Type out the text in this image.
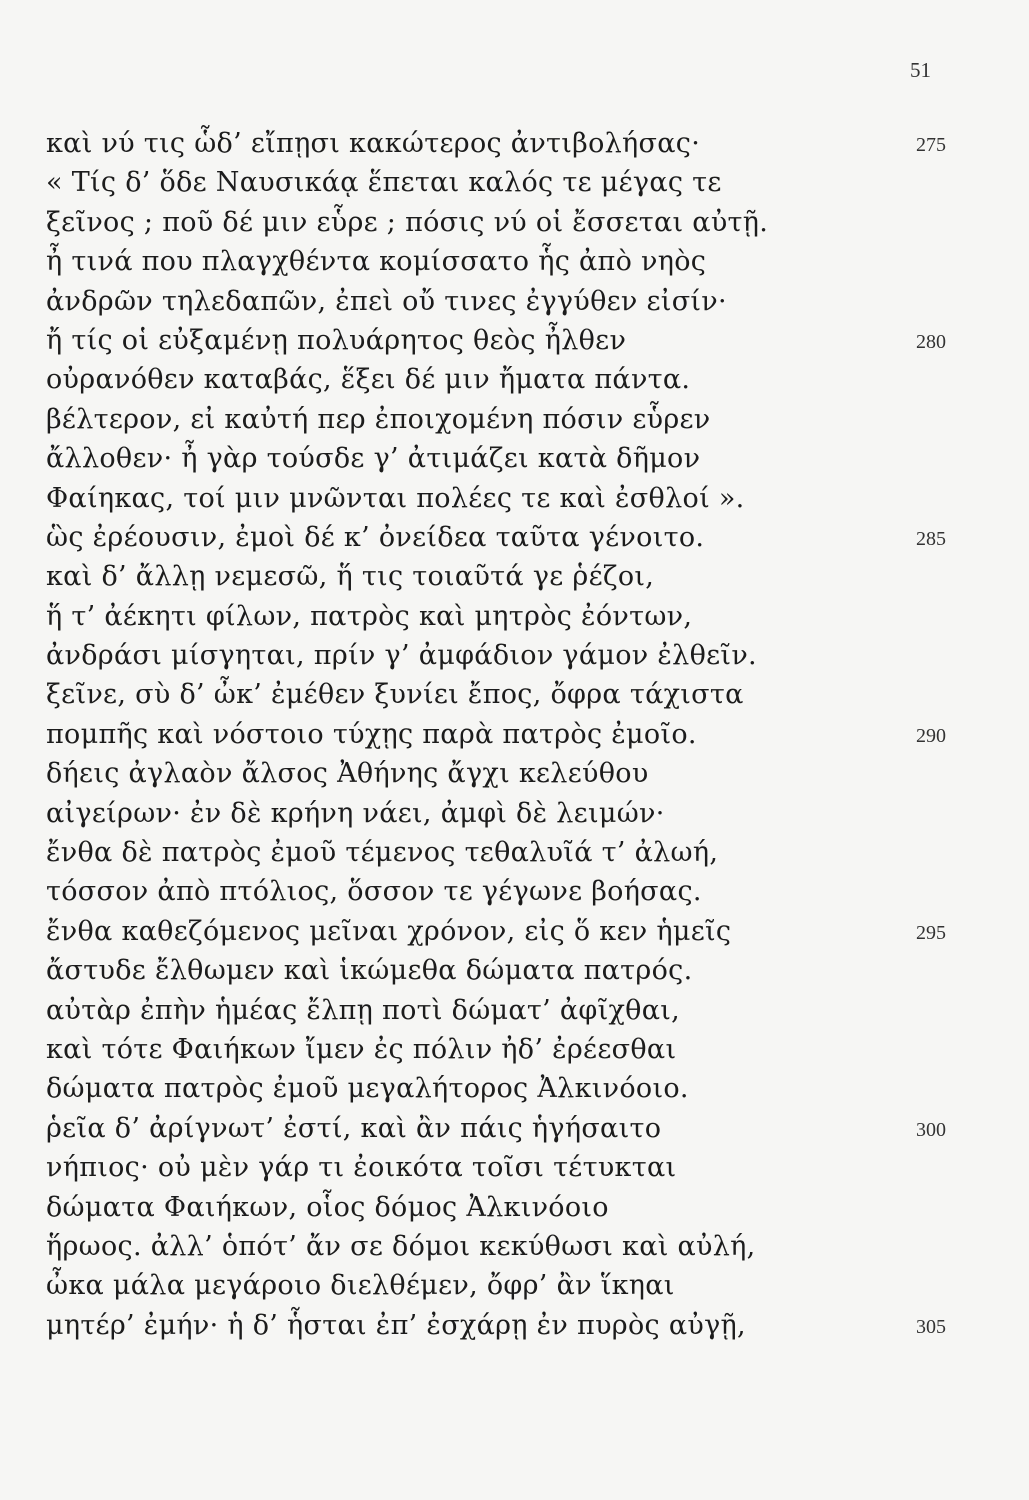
51
καὶ νύ τις ὧδ’ εἴπῃσι κακώτερος ἀντιβολήσας·	275
« Τίς δ’ ὅδε Ναυσικάᾳ ἕπεται καλός τε μέγας τε
ξεῖνος ; ποῦ δέ μιν εὗρε ; πόσις νύ οἱ ἔσσεται αὐτῇ.
ἦ τινά που πλαγχθέντα κομίσσατο ἧς ἀπὸ νηὸς
ἀνδρῶν τηλεδαπῶν, ἐπεὶ οὔ τινες ἐγγύθεν εἰσίν·
ἤ τίς οἱ εὐξαμένῃ πολυάρητος θεὸς ἦλθεν	280
οὐρανόθεν καταβάς, ἕξει δέ μιν ἤματα πάντα.
βέλτερον, εἰ καὐτή περ ἐποιχομένη πόσιν εὗρεν
ἄλλοθεν· ἦ γὰρ τούσδε γ’ ἀτιμάζει κατὰ δῆμον
Φαίηκας, τοί μιν μνῶνται πολέες τε καὶ ἐσθλοί ».
ὣς ἐρέουσιν, ἐμοὶ δέ κ’ ὀνείδεα ταῦτα γένοιτο.	285
καὶ δ’ ἄλλῃ νεμεσῶ, ἥ τις τοιαῦτά γε ῥέζοι,
ἥ τ’ ἀέκητι φίλων, πατρὸς καὶ μητρὸς ἐόντων,
ἀνδράσι μίσγηται, πρίν γ’ ἀμφάδιον γάμον ἐλθεῖν.
ξεῖνε, σὺ δ’ ὦκ’ ἐμέθεν ξυνίει ἔπος, ὄφρα τάχιστα
πομπῆς καὶ νόστοιο τύχῃς παρὰ πατρὸς ἐμοῖο.	290
δήεις ἀγλαὸν ἄλσος Ἀθήνης ἄγχι κελεύθου
αἰγείρων· ἐν δὲ κρήνη νάει, ἀμφὶ δὲ λειμών·
ἔνθα δὲ πατρὸς ἐμοῦ τέμενος τεθαλυῖά τ’ ἀλωή,
τόσσον ἀπὸ πτόλιος, ὅσσον τε γέγωνε βοήσας.
ἔνθα καθεζόμενος μεῖναι χρόνον, εἰς ὅ κεν ἡμεῖς	295
ἄστυδε ἔλθωμεν καὶ ἱκώμεθα δώματα πατρός.
αὐτὰρ ἐπὴν ἡμέας ἔλπῃ ποτὶ δώματ’ ἀφῖχθαι,
καὶ τότε Φαιήκων ἴμεν ἐς πόλιν ἠδ’ ἐρέεσθαι
δώματα πατρὸς ἐμοῦ μεγαλήτορος Ἀλκινόοιο.
ῥεῖα δ’ ἀρίγνωτ’ ἐστί, καὶ ἂν πάις ἡγήσαιτο	300
νήπιος· οὐ μὲν γάρ τι ἐοικότα τοῖσι τέτυκται
δώματα Φαιήκων, οἷος δόμος Ἀλκινόοιο
ἥρωος. ἀλλ’ ὁπότ’ ἄν σε δόμοι κεκύθωσι καὶ αὐλή,
ὦκα μάλα μεγάροιο διελθέμεν, ὄφρ’ ἂν ἵκηαι
μητέρ’ ἐμήν· ἡ δ’ ἧσται ἐπ’ ἐσχάρῃ ἐν πυρὸς αὐγῇ,	305
